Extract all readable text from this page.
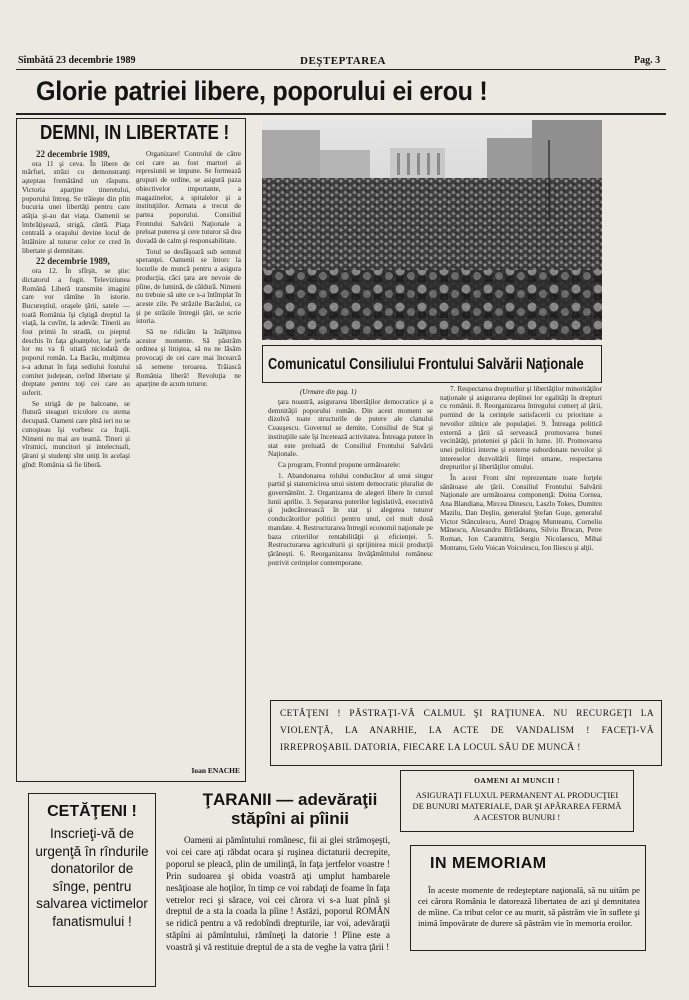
Sîmbătă 23 decembrie 1989	DEŞTEPTAREA	Pag. 3
Glorie patriei libere, poporului ei erou !
DEMNI, IN LIBERTATE !
22 decembrie 1989,

ora 11 şi ceva. În libere de mărfuri, străzi cu demonstranţi aşteptau fremătând un răspuns. Victoria aparţine tineretului, poporului întreg. Se trăieşte din plin bucuria unei libertăţi pentru care atâţia şi-au dat viaţa. Oamenii se îmbrăţişează, strigă, cântă. Piaţa centrală a oraşului devine locul de întâlnire al tuturor celor ce cred în libertate şi demnitate.

22 decembrie 1989,

ora 12. În sfîrşit, se ştie: dictatorul a fugit. Televiziunea Română Liberă transmite imagini care vor rămîne în istorie. Bucureştiul, oraşele ţării, satele — toată România îşi cîştigă dreptul la viaţă, la cuvînt, la adevăr. Tinerii au fost primii în stradă, cu pieptul deschis în faţa gloanţelor, iar jertfa lor nu va fi uitată niciodată de poporul român. La Bacău, mulţimea s-a adunat în faţa sediului fostului comitet judeţean, cerînd libertate şi dreptate pentru toţi cei care au suferit.

Se strigă de pe balcoane, se flutură steaguri tricolore cu stema decupată. Oameni care pînă ieri nu se cunoşteau îşi vorbesc ca fraţii. Nimeni nu mai are teamă. Tineri şi vîrstnici, muncitori şi intelectuali, ţărani şi studenţi sînt uniţi în acelaşi gînd: România să fie liberă.

Organizare! Controlul de către cei care au fost martori ai represiunii se impune. Se formează grupuri de ordine, se asigură paza obiectivelor importante, a magazinelor, a spitalelor şi a instituţiilor. Armata a trecut de partea poporului. Consiliul Frontului Salvării Naţionale a preluat puterea şi cere tuturor să dea dovadă de calm şi responsabilitate.

Totul se desfăşoară sub semnul speranţei. Oamenii se întorc la locurile de muncă pentru a asigura producţia, căci ţara are nevoie de pîine, de lumină, de căldură. Nimeni nu trebuie să uite ce s-a întîmplat în aceste zile. Pe străzile Bacăului, ca şi pe străzile întregii ţări, se scrie istoria.

Să ne ridicăm la înălţimea acestor momente. Să păstrăm ordinea şi liniştea, să nu ne lăsăm provocaţi de cei care mai încearcă să semene teroarea. Trăiască România liberă! Revoluţia ne aparţine de acum tuturor.

Ioan ENACHE
Comunicatul Consiliului Frontului Salvării Naţionale
(Urmare din pag. 1)

ţara noastră, asigurarea libertăţilor democratice şi a demnităţii poporului român. Din acest moment se dizolvă toate structurile de putere ale clanului Ceauşescu. Guvernul se demite, Consiliul de Stat şi instituţiile sale îşi încetează activitatea. Întreaga putere în stat este preluată de Consiliul Frontului Salvării Naţionale.

Ca program, Frontul propune următoarele:

1. Abandonarea rolului conducător al unui singur partid şi statornicirea unui sistem democratic pluralist de guvernămînt. 2. Organizarea de alegeri libere în cursul lunii aprilie. 3. Separarea puterilor legislativă, executivă şi judecătorească în stat şi alegerea tuturor conducătorilor politici pentru unul, cel mult două mandate. 4. Restructurarea întregii economii naţionale pe baza criteriilor rentabilităţii şi eficienţei. 5. Restructurarea agriculturii şi sprijinirea micii producţii ţărăneşti. 6. Reorganizarea învăţămîntului românesc potrivit cerinţelor contemporane.

7. Respectarea drepturilor şi libertăţilor minorităţilor naţionale şi asigurarea deplinei lor egalităţi în drepturi cu românii. 8. Reorganizarea întregului comerţ al ţării, pornind de la cerinţele satisfacerii cu prioritate a nevoilor zilnice ale populaţiei. 9. Întreaga politică externă a ţării să servească promovarea bunei vecinătăţi, prieteniei şi păcii în lume. 10. Promovarea unei politici interne şi externe subordonate nevoilor şi intereselor dezvoltării fiinţei umane, respectarea drepturilor şi libertăţilor omului.

În acest Front sînt reprezentate toate forţele sănătoase ale ţării. Consiliul Frontului Salvării Naţionale are următoarea componenţă: Doina Cornea, Ana Blandiana, Mircea Dinescu, Laszlo Tokes, Dumitru Mazilu, Dan Deşliu, generalul Ştefan Guşe, generalul Victor Stănculescu, Aurel Dragoş Munteanu, Corneliu Mănescu, Alexandru Bîrlădeanu, Silviu Brucan, Petre Roman, Ion Caramitru, Sergiu Nicolaescu, Mihai Montanu, Gelu Voican Voiculescu, Ion Iliescu şi alţii.

CETĂŢENI ! PĂSTRAŢI-VĂ CALMUL ŞI RAŢIUNEA. NU RECURGEŢI LA VIOLENŢĂ, LA ANARHIE, LA ACTE DE VANDALISM ! FACEŢI-VĂ IRREPROŞABIL DATORIA, FIECARE LA LOCUL SĂU DE MUNCĂ !
CETĂŢENI !
Inscrieţi-vă de urgenţă în rîndurile donatorilor de sînge, pentru salvarea victimelor fanatismului !
ŢARANII — adevăraţii stăpîni ai pîinii
Oameni ai pămîntului românesc, fii ai glei strămoşeşti, voi cei care aţi răbdat ocara şi ruşinea dictaturii decrepite, poporul se pleacă, plin de umilinţă, în faţa jertfelor voastre ! Prin sudoarea şi obida voastră aţi umplut hambarele nesăţioase ale hoţilor, în timp ce voi rabdaţi de foame în faţa vetrelor reci şi sărace, voi cei cărora vi s-a luat pînă şi dreptul de a sta la coada la pîine ! Astăzi, poporul ROMÂN se ridică pentru a vă redobîndi drepturile, iar voi, adevăraţii stăpîni ai pămîntului, rămîneţi la datorie ! Pîine este a voastră şi vă restituie dreptul de a sta de veghe la vatra ţării !
OAMENI AI MUNCII !
ASIGURAŢI FLUXUL PERMANENT AL PRODUCŢIEI DE BUNURI MATERIALE, DAR ŞI APĂRAREA FERMĂ A ACESTOR BUNURI !
IN MEMORIAM
În aceste momente de redeşteptare naţională, să nu uităm pe cei cărora România le datorează libertatea de azi şi demnitatea de mîine. Ca tribut celor ce au murit, să păstrăm vie în suflete şi inimă împovărate de durere să păstrăm vie în memoria eroilor.
